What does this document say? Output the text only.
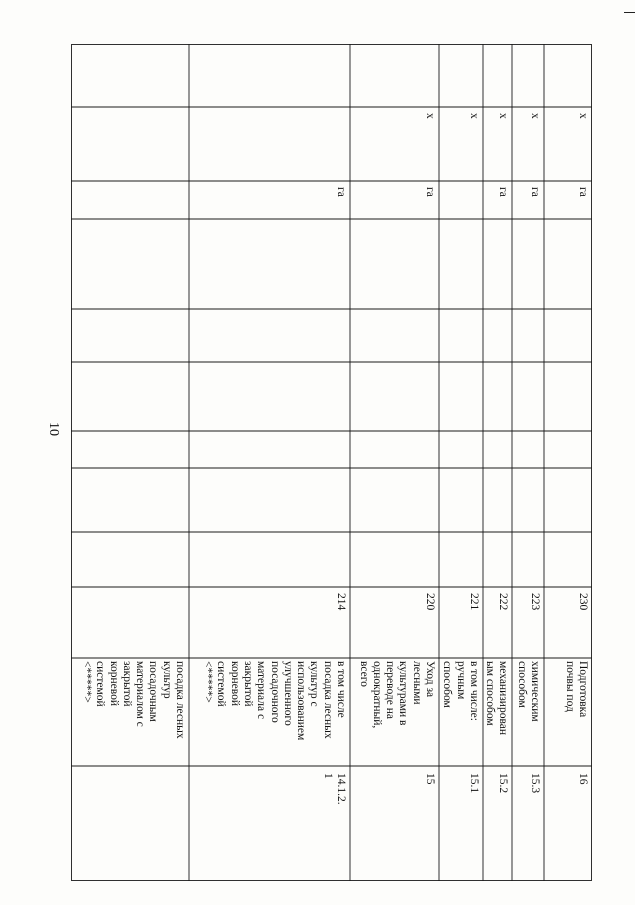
10
посадка лесных
культур
посадочным
материалом с
закрытой
корневой
системой
<*****>	в том числе
посадка лесных
культур с
использованием
улучшенного
посадочного
материала с
закрытой
корневой
системой
<*****>
214
га
14.1.2.
1
Уход за
лесными
культурами в
переводе на
однократный,
всего
220
га
x
15
в том числе:
ручным
способом
221
x
15.1
механизирован
ым способом
222
га
x
15.2
химическим
способом
223
га
x
15.3
Подготовка
почвы под
230
га
x
16
